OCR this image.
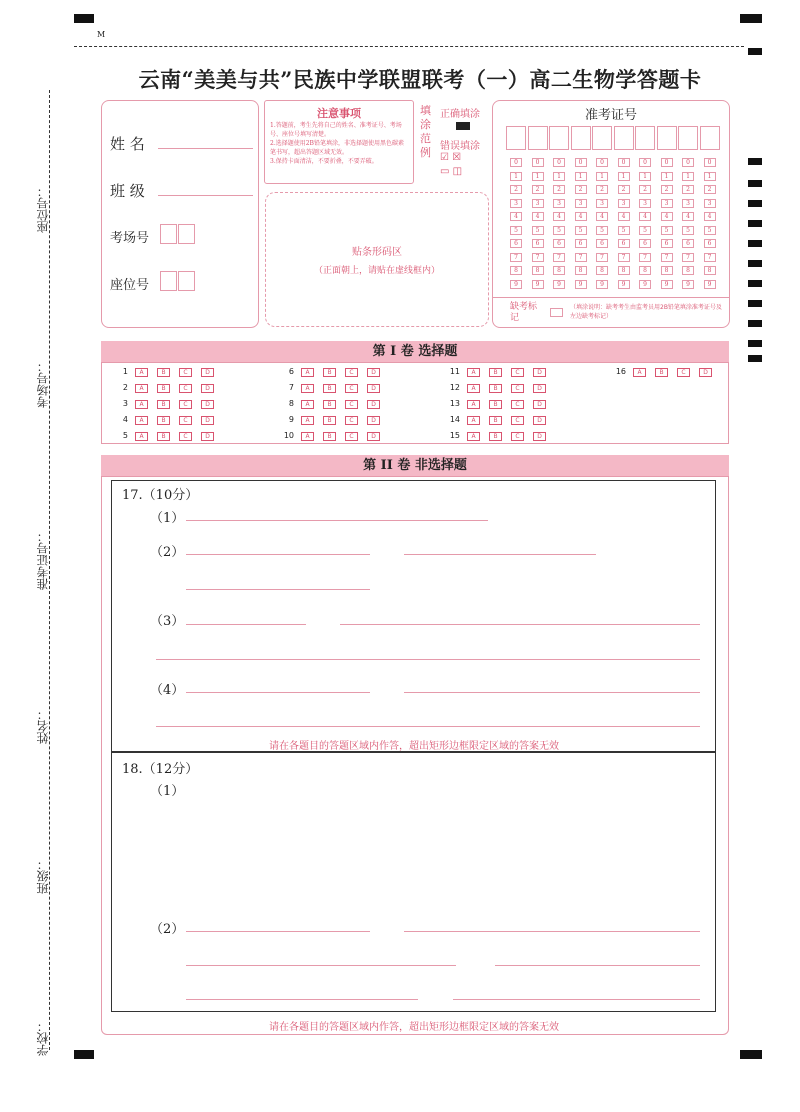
M
座位号：
考场号：
准考证号：
姓名：
班级：
学校：
云南“美美与共”民族中学联盟联考（一）高二生物学答题卡
姓 名
班 级
考场号
座位号
注意事项
1.答题前，考生先将自己的姓名、准考证号、考场号、座位号填写清楚。
2.选择题使用2B铅笔填涂，非选择题使用黑色碳素笔书写，超出答题区域无效。
3.保持卡面清洁，不要折叠，不要弄破。
填涂范例
正确填涂
错误填涂
☑ ☒
▭ ◫
贴条形码区
（正面朝上，请贴在虚线框内）
准考证号
0
1
2
3
4
5
6
7
8
9
0
1
2
3
4
5
6
7
8
9
0
1
2
3
4
5
6
7
8
9
0
1
2
3
4
5
6
7
8
9
0
1
2
3
4
5
6
7
8
9
0
1
2
3
4
5
6
7
8
9
0
1
2
3
4
5
6
7
8
9
0
1
2
3
4
5
6
7
8
9
0
1
2
3
4
5
6
7
8
9
0
1
2
3
4
5
6
7
8
9
缺考标记
（填涂说明：缺考考生由监考员用2B铅笔填涂准考证号及左边缺考标记）
第 I 卷 选择题
1	A	B	C	D
2	A	B	C	D
3	A	B	C	D
4	A	B	C	D
5	A	B	C	D
6	A	B	C	D
7	A	B	C	D
8	A	B	C	D
9	A	B	C	D
10	A	B	C	D
11	A	B	C	D
12	A	B	C	D
13	A	B	C	D
14	A	B	C	D
15	A	B	C	D
16	A	B	C	D
第 II 卷 非选择题
17.（10分）
（1）
（2）
（3）
（4）
请在各题目的答题区域内作答，超出矩形边框限定区域的答案无效
18.（12分）
（1）
（2）
请在各题目的答题区域内作答，超出矩形边框限定区域的答案无效
